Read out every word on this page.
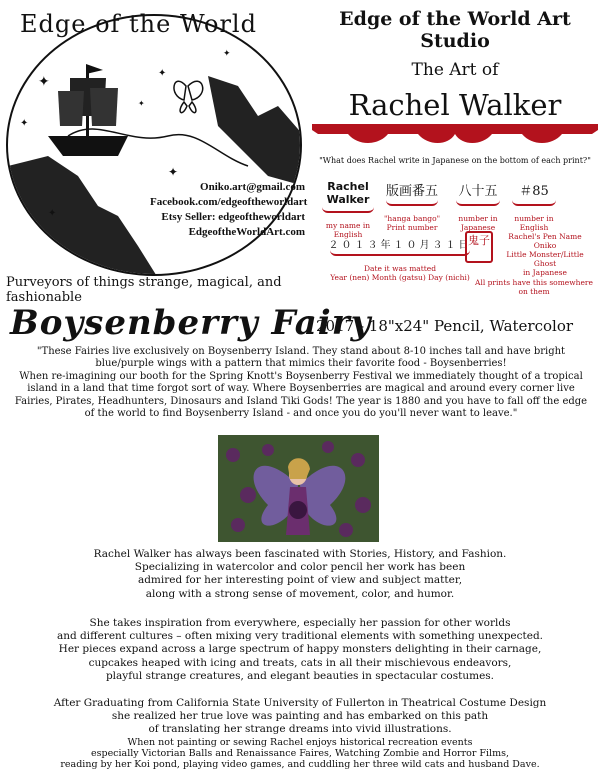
✦
✦
✦
✦
✦
✦
✦
Edge of the World
Oniko.art@gmail.com
Facebook.com/edgeoftheworldart
Etsy Seller: edgeoftheworldart
EdgeoftheWorldArt.com
Purveyors of things strange, magical, and fashionable
Edge of the World Art Studio
The Art of
Rachel Walker
"What does Rachel write in Japanese on the bottom of each print?"
Rachel Walker
my name in English
版画番五
"hanga bango"
Print number
八十五
number in
Japanese
＃85
number in
English
２０１３年１０月３１日
Date it was matted
Year (nen) Month (gatsu) Day (nichi)
鬼子	Rachel's Pen Name
Oniko
Little Monster/Little Ghost
in Japanese
All prints have this somewhere on them
Boysenberry Fairy
2017 - 18"x24" Pencil, Watercolor
"These Fairies live exclusively on Boysenberry Island. They stand about 8-10 inches tall and have bright blue/purple wings with a pattern that mimics their favorite food - Boysenberries!
When re-imagining our booth for the Spring Knott's Boysenberry Festival we immediately thought of a tropical island in a land that time forgot sort of way. Where Boysenberries are magical and around every corner live Fairies, Pirates, Headhunters, Dinosaurs and Island Tiki Gods! The year is 1880 and you have to fall off the edge of the world to find Boysenberry Island - and once you do you'll never want to leave."
Rachel Walker has always been fascinated with Stories, History, and Fashion.
Specializing in watercolor and color pencil her work has been
admired for her interesting point of view and subject matter,
along with a strong sense of movement, color, and humor.
She takes inspiration from everywhere, especially her passion for other worlds
and different cultures – often mixing very traditional elements with something unexpected.
Her pieces expand across a large spectrum of happy monsters delighting in their carnage,
cupcakes heaped with icing and treats, cats in all their mischievous endeavors,
playful strange creatures, and elegant beauties in spectacular costumes.
After Graduating from California State University of Fullerton in Theatrical Costume Design
she realized her true love was painting and has embarked on this path
of translating her strange dreams into vivid illustrations.
When not painting or sewing Rachel enjoys historical recreation events
especially Victorian Balls and Renaissance Faires, Watching Zombie and Horror Films,
reading by her Koi pond, playing video games, and cuddling her three wild cats and husband Dave.
